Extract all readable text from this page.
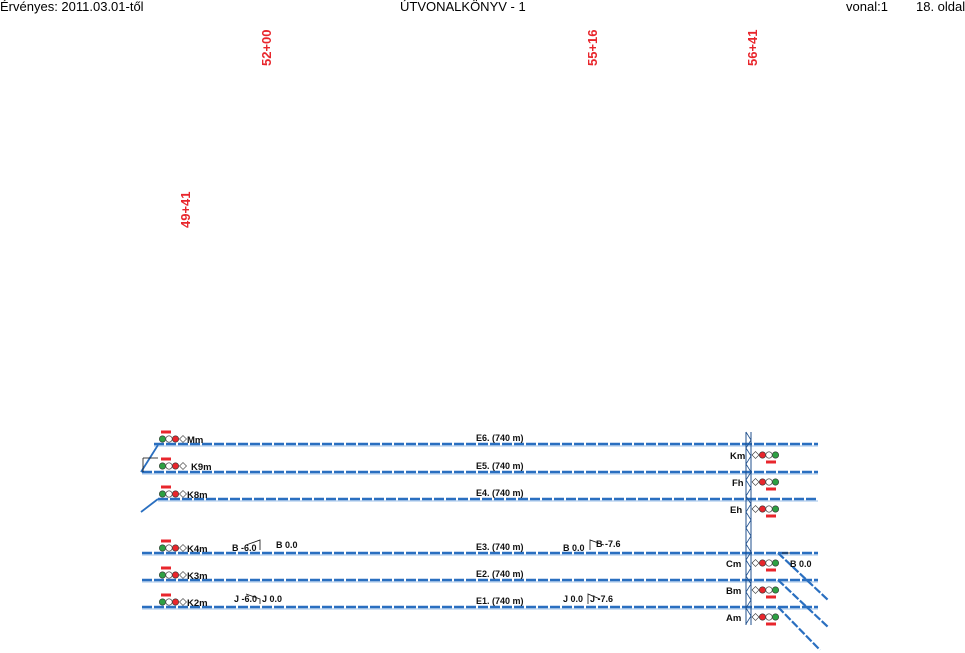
Érvényes: 2011.03.01-től	ÚTVONALKÖNYV - 1	vonal:1 18. oldal
49+41
52+00	55+16	56+41
Mm
K9m
K8m
K4m
K3m
K2m
Km
Fh
Eh
Cm
Bm
Am
E6. (740 m)
E5. (740 m)
E4. (740 m)
E3. (740 m)
E2. (740 m)
E1. (740 m)
B -6.0 B 0.0	B 0.0 B -7.6
J -6.0 J 0.0	J 0.0 J -7.6
B 0.0
